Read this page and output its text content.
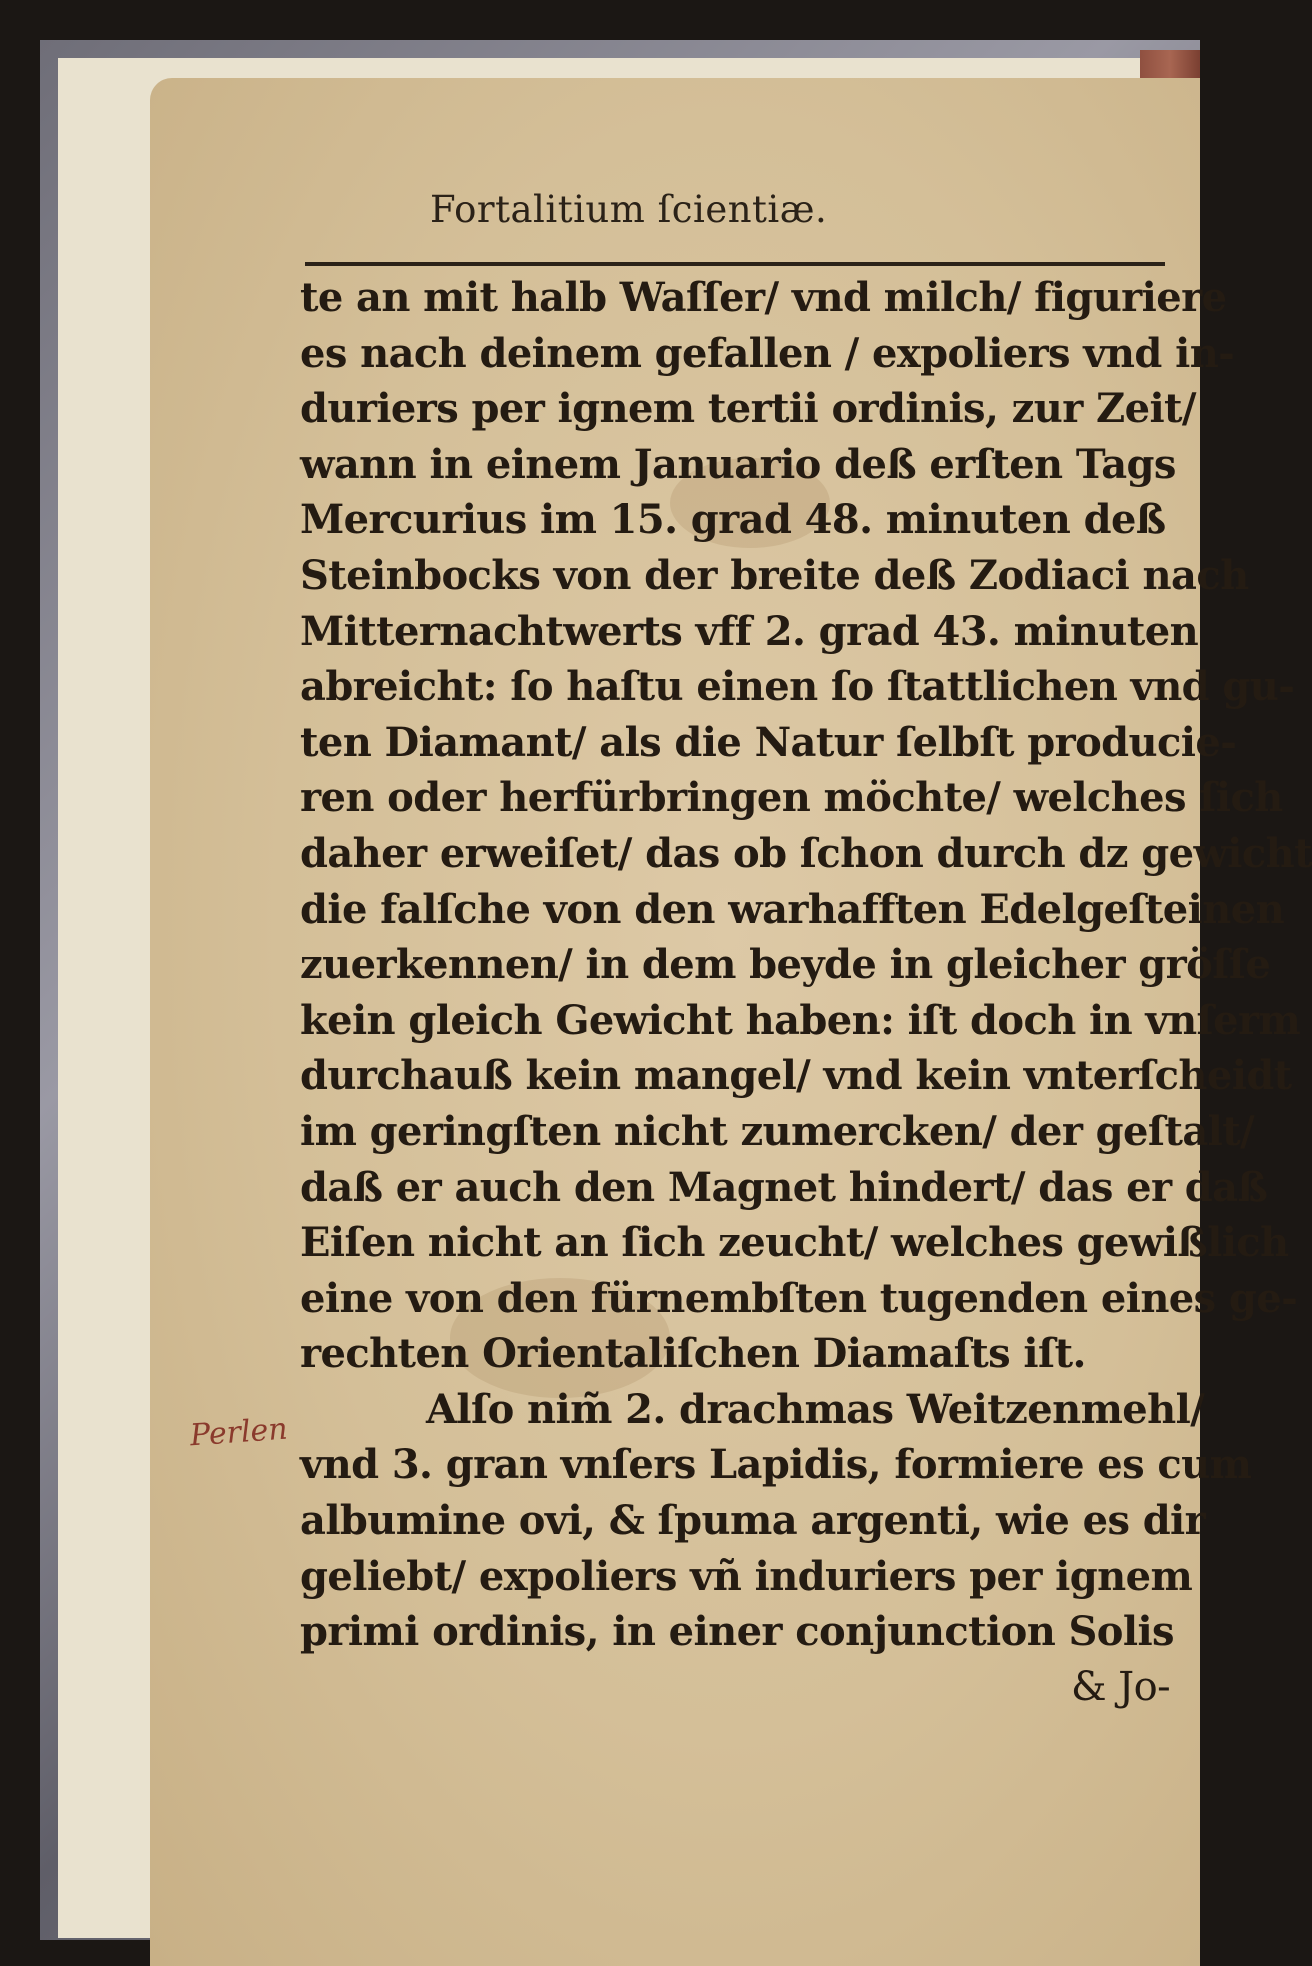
Fortalitium ſcientiæ.
te an mit halb Waſſer/ vnd milch/ figuriere
es nach deinem gefallen / expoliers vnd in-
duriers per ignem tertii ordinis, zur Zeit/
wann in einem Januario deß erſten Tags
Mercurius im 15. grad 48. minuten deß
Steinbocks von der breite deß Zodiaci nach
Mitternachtwerts vff 2. grad 43. minuten
abreicht: ſo haſtu einen ſo ſtattlichen vnd gu-
ten Diamant/ als die Natur ſelbſt producie-
ren oder herfürbringen möchte/ welches ſich
daher erweiſet/ das ob ſchon durch dz gewicht
die falſche von den warhafften Edelgeſteinen
zuerkennen/ in dem beyde in gleicher gröſſe
kein gleich Gewicht haben: iſt doch in vnſerm
durchauß kein mangel/ vnd kein vnterſcheidt
im geringſten nicht zumercken/ der geſtalt/
daß er auch den Magnet hindert/ das er daß
Eiſen nicht an ſich zeucht/ welches gewißlich
eine von den fürnembſten tugenden eines ge-
rechten Orientaliſchen Diamaſts iſt.
Alſo nim̃ 2. drachmas Weitzenmehl/
vnd 3. gran vnſers Lapidis, formiere es cum
albumine ovi, & ſpuma argenti, wie es dir
geliebt/ expoliers vñ induriers per ignem
primi ordinis, in einer conjunction Solis
& Jo-
Perlen
